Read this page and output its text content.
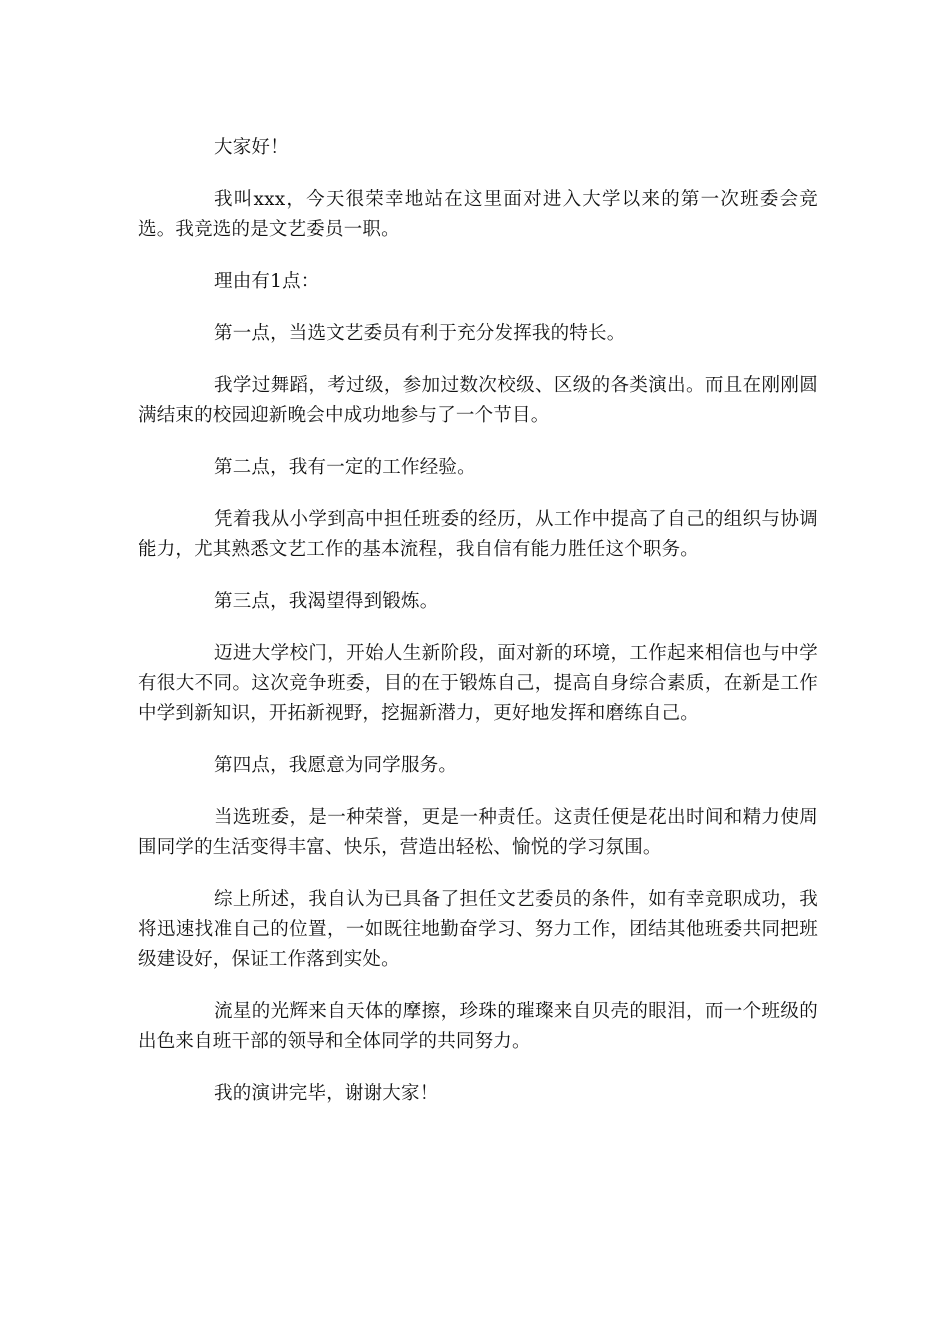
大家好！

我叫xxx，今天很荣幸地站在这里面对进入大学以来的第一次班委会竞选。我竞选的是文艺委员一职。

理由有1点：

第一点，当选文艺委员有利于充分发挥我的特长。

我学过舞蹈，考过级，参加过数次校级、区级的各类演出。而且在刚刚圆满结束的校园迎新晚会中成功地参与了一个节目。

第二点，我有一定的工作经验。

凭着我从小学到高中担任班委的经历，从工作中提高了自己的组织与协调能力，尤其熟悉文艺工作的基本流程，我自信有能力胜任这个职务。

第三点，我渴望得到锻炼。

迈进大学校门，开始人生新阶段，面对新的环境，工作起来相信也与中学有很大不同。这次竞争班委，目的在于锻炼自己，提高自身综合素质，在新是工作中学到新知识，开拓新视野，挖掘新潜力，更好地发挥和磨练自己。

第四点，我愿意为同学服务。

当选班委，是一种荣誉，更是一种责任。这责任便是花出时间和精力使周围同学的生活变得丰富、快乐，营造出轻松、愉悦的学习氛围。

综上所述，我自认为已具备了担任文艺委员的条件，如有幸竞职成功，我将迅速找准自己的位置，一如既往地勤奋学习、努力工作，团结其他班委共同把班级建设好，保证工作落到实处。

流星的光辉来自天体的摩擦，珍珠的璀璨来自贝壳的眼泪，而一个班级的出色来自班干部的领导和全体同学的共同努力。

我的演讲完毕，谢谢大家！
